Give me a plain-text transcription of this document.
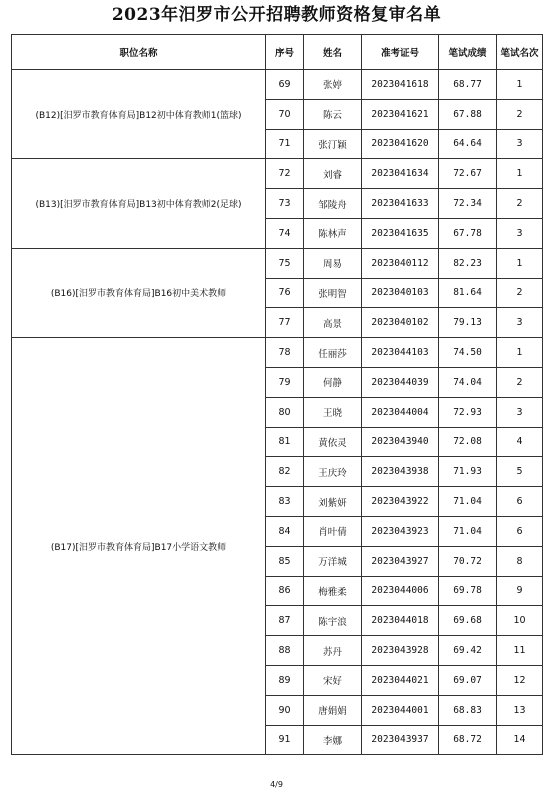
2023年汨罗市公开招聘教师资格复审名单
职位名称	序号	姓名	准考证号	笔试成绩	笔试名次
(B12)[汨罗市教育体育局]B12初中体育教师1(篮球)	69	张婷	2023041618	68.77	1
	70	陈云	2023041621	67.88	2
	71	张汀颖	2023041620	64.64	3
(B13)[汨罗市教育体育局]B13初中体育教师2(足球)	72	刘睿	2023041634	72.67	1
	73	邹陵舟	2023041633	72.34	2
	74	陈林声	2023041635	67.78	3
(B16)[汨罗市教育体育局]B16初中美术教师	75	周易	2023040112	82.23	1
	76	张明智	2023040103	81.64	2
	77	高景	2023040102	79.13	3
(B17)[汨罗市教育体育局]B17小学语文教师	78	任丽莎	2023044103	74.50	1
	79	何静	2023044039	74.04	2
	80	王晓	2023044004	72.93	3
	81	黄依灵	2023043940	72.08	4
	82	王庆玲	2023043938	71.93	5
	83	刘紫妍	2023043922	71.04	6
	84	肖叶倩	2023043923	71.04	6
	85	万洋城	2023043927	70.72	8
	86	梅雅柔	2023044006	69.78	9
	87	陈宇浪	2023044018	69.68	10
	88	苏丹	2023043928	69.42	11
	89	宋好	2023044021	69.07	12
	90	唐娟娟	2023044001	68.83	13
	91	李娜	2023043937	68.72	14
4/9
